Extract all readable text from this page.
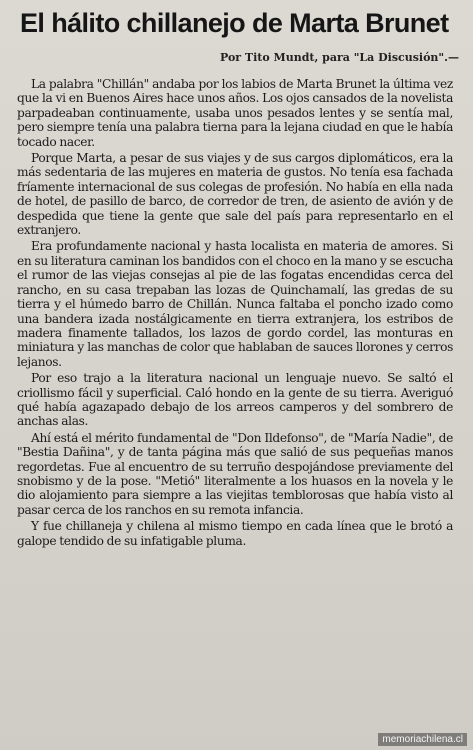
El hálito chillanejo de Marta Brunet
Por Tito Mundt, para "La Discusión".—

La palabra "Chillán" andaba por los labios de Marta Brunet la última vez que la vi en Buenos Aires hace unos años. Los ojos cansados de la novelista parpadeaban continuamente, usaba unos pesados lentes y se sentía mal, pero siempre tenía una palabra tierna para la lejana ciudad en que le había tocado nacer.

Porque Marta, a pesar de sus viajes y de sus cargos diplomáticos, era la más sedentaria de las mujeres en materia de gustos. No tenía esa fachada fríamente internacional de sus colegas de profesión. No había en ella nada de hotel, de pasillo de barco, de corredor de tren, de asiento de avión y de despedida que tiene la gente que sale del país para representarlo en el extranjero.

Era profundamente nacional y hasta localista en materia de amores. Si en su literatura caminan los bandidos con el choco en la mano y se escucha el rumor de las viejas consejas al pie de las fogatas encendidas cerca del rancho, en su casa trepaban las lozas de Quinchamalí, las gredas de su tierra y el húmedo barro de Chillán. Nunca faltaba el poncho izado como una bandera izada nostálgicamente en tierra extranjera, los estribos de madera finamente tallados, los lazos de gordo cordel, las monturas en miniatura y las manchas de color que hablaban de sauces llorones y cerros lejanos.

Por eso trajo a la literatura nacional un lenguaje nuevo. Se saltó el criollismo fácil y superficial. Caló hondo en la gente de su tierra. Averiguó qué había agazapado debajo de los arreos camperos y del sombrero de anchas alas.

Ahí está el mérito fundamental de "Don Ildefonso", de "María Nadie", de "Bestia Dañina", y de tanta página más que salió de sus pequeñas manos regordetas. Fue al encuentro de su terruño despojándose previamente del snobismo y de la pose. "Metió" literalmente a los huasos en la novela y le dio alojamiento para siempre a las viejitas temblorosas que había visto al pasar cerca de los ranchos en su remota infancia.

Y fue chillaneja y chilena al mismo tiempo en cada línea que le brotó a galope tendido de su infatigable pluma.

memoriachilena.cl
